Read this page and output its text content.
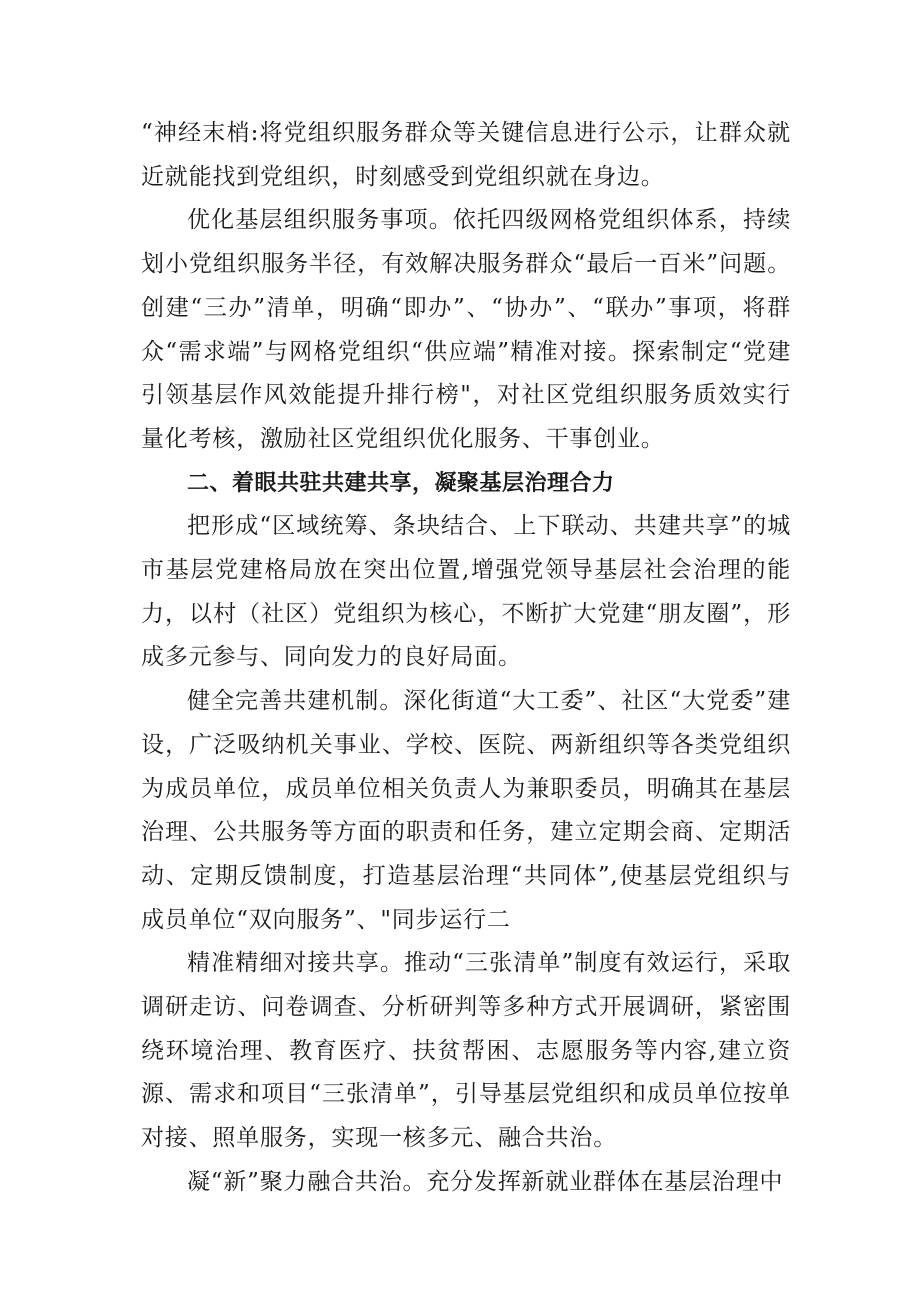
“神经末梢:将党组织服务群众等关键信息进行公示，让群众就近就能找到党组织，时刻感受到党组织就在身边。

优化基层组织服务事项。依托四级网格党组织体系，持续划小党组织服务半径，有效解决服务群众“最后一百米”问题。创建“三办”清单，明确“即办”、“协办”、“联办”事项，将群众“需求端”与网格党组织“供应端”精准对接。探索制定“党建引领基层作风效能提升排行榜"，对社区党组织服务质效实行量化考核，激励社区党组织优化服务、干事创业。

二、着眼共驻共建共享，凝聚基层治理合力

把形成“区域统筹、条块结合、上下联动、共建共享”的城市基层党建格局放在突出位置,增强党领导基层社会治理的能力，以村（社区）党组织为核心，不断扩大党建“朋友圈”，形成多元参与、同向发力的良好局面。

健全完善共建机制。深化街道“大工委”、社区“大党委”建设，广泛吸纳机关事业、学校、医院、两新组织等各类党组织为成员单位，成员单位相关负责人为兼职委员，明确其在基层治理、公共服务等方面的职责和任务，建立定期会商、定期活动、定期反馈制度，打造基层治理“共同体”,使基层党组织与成员单位“双向服务”、"同步运行二

精准精细对接共享。推动“三张清单”制度有效运行，采取调研走访、问卷调查、分析研判等多种方式开展调研，紧密围绕环境治理、教育医疗、扶贫帮困、志愿服务等内容,建立资源、需求和项目“三张清单”，引导基层党组织和成员单位按单对接、照单服务，实现一核多元、融合共治。

凝“新”聚力融合共治。充分发挥新就业群体在基层治理中
